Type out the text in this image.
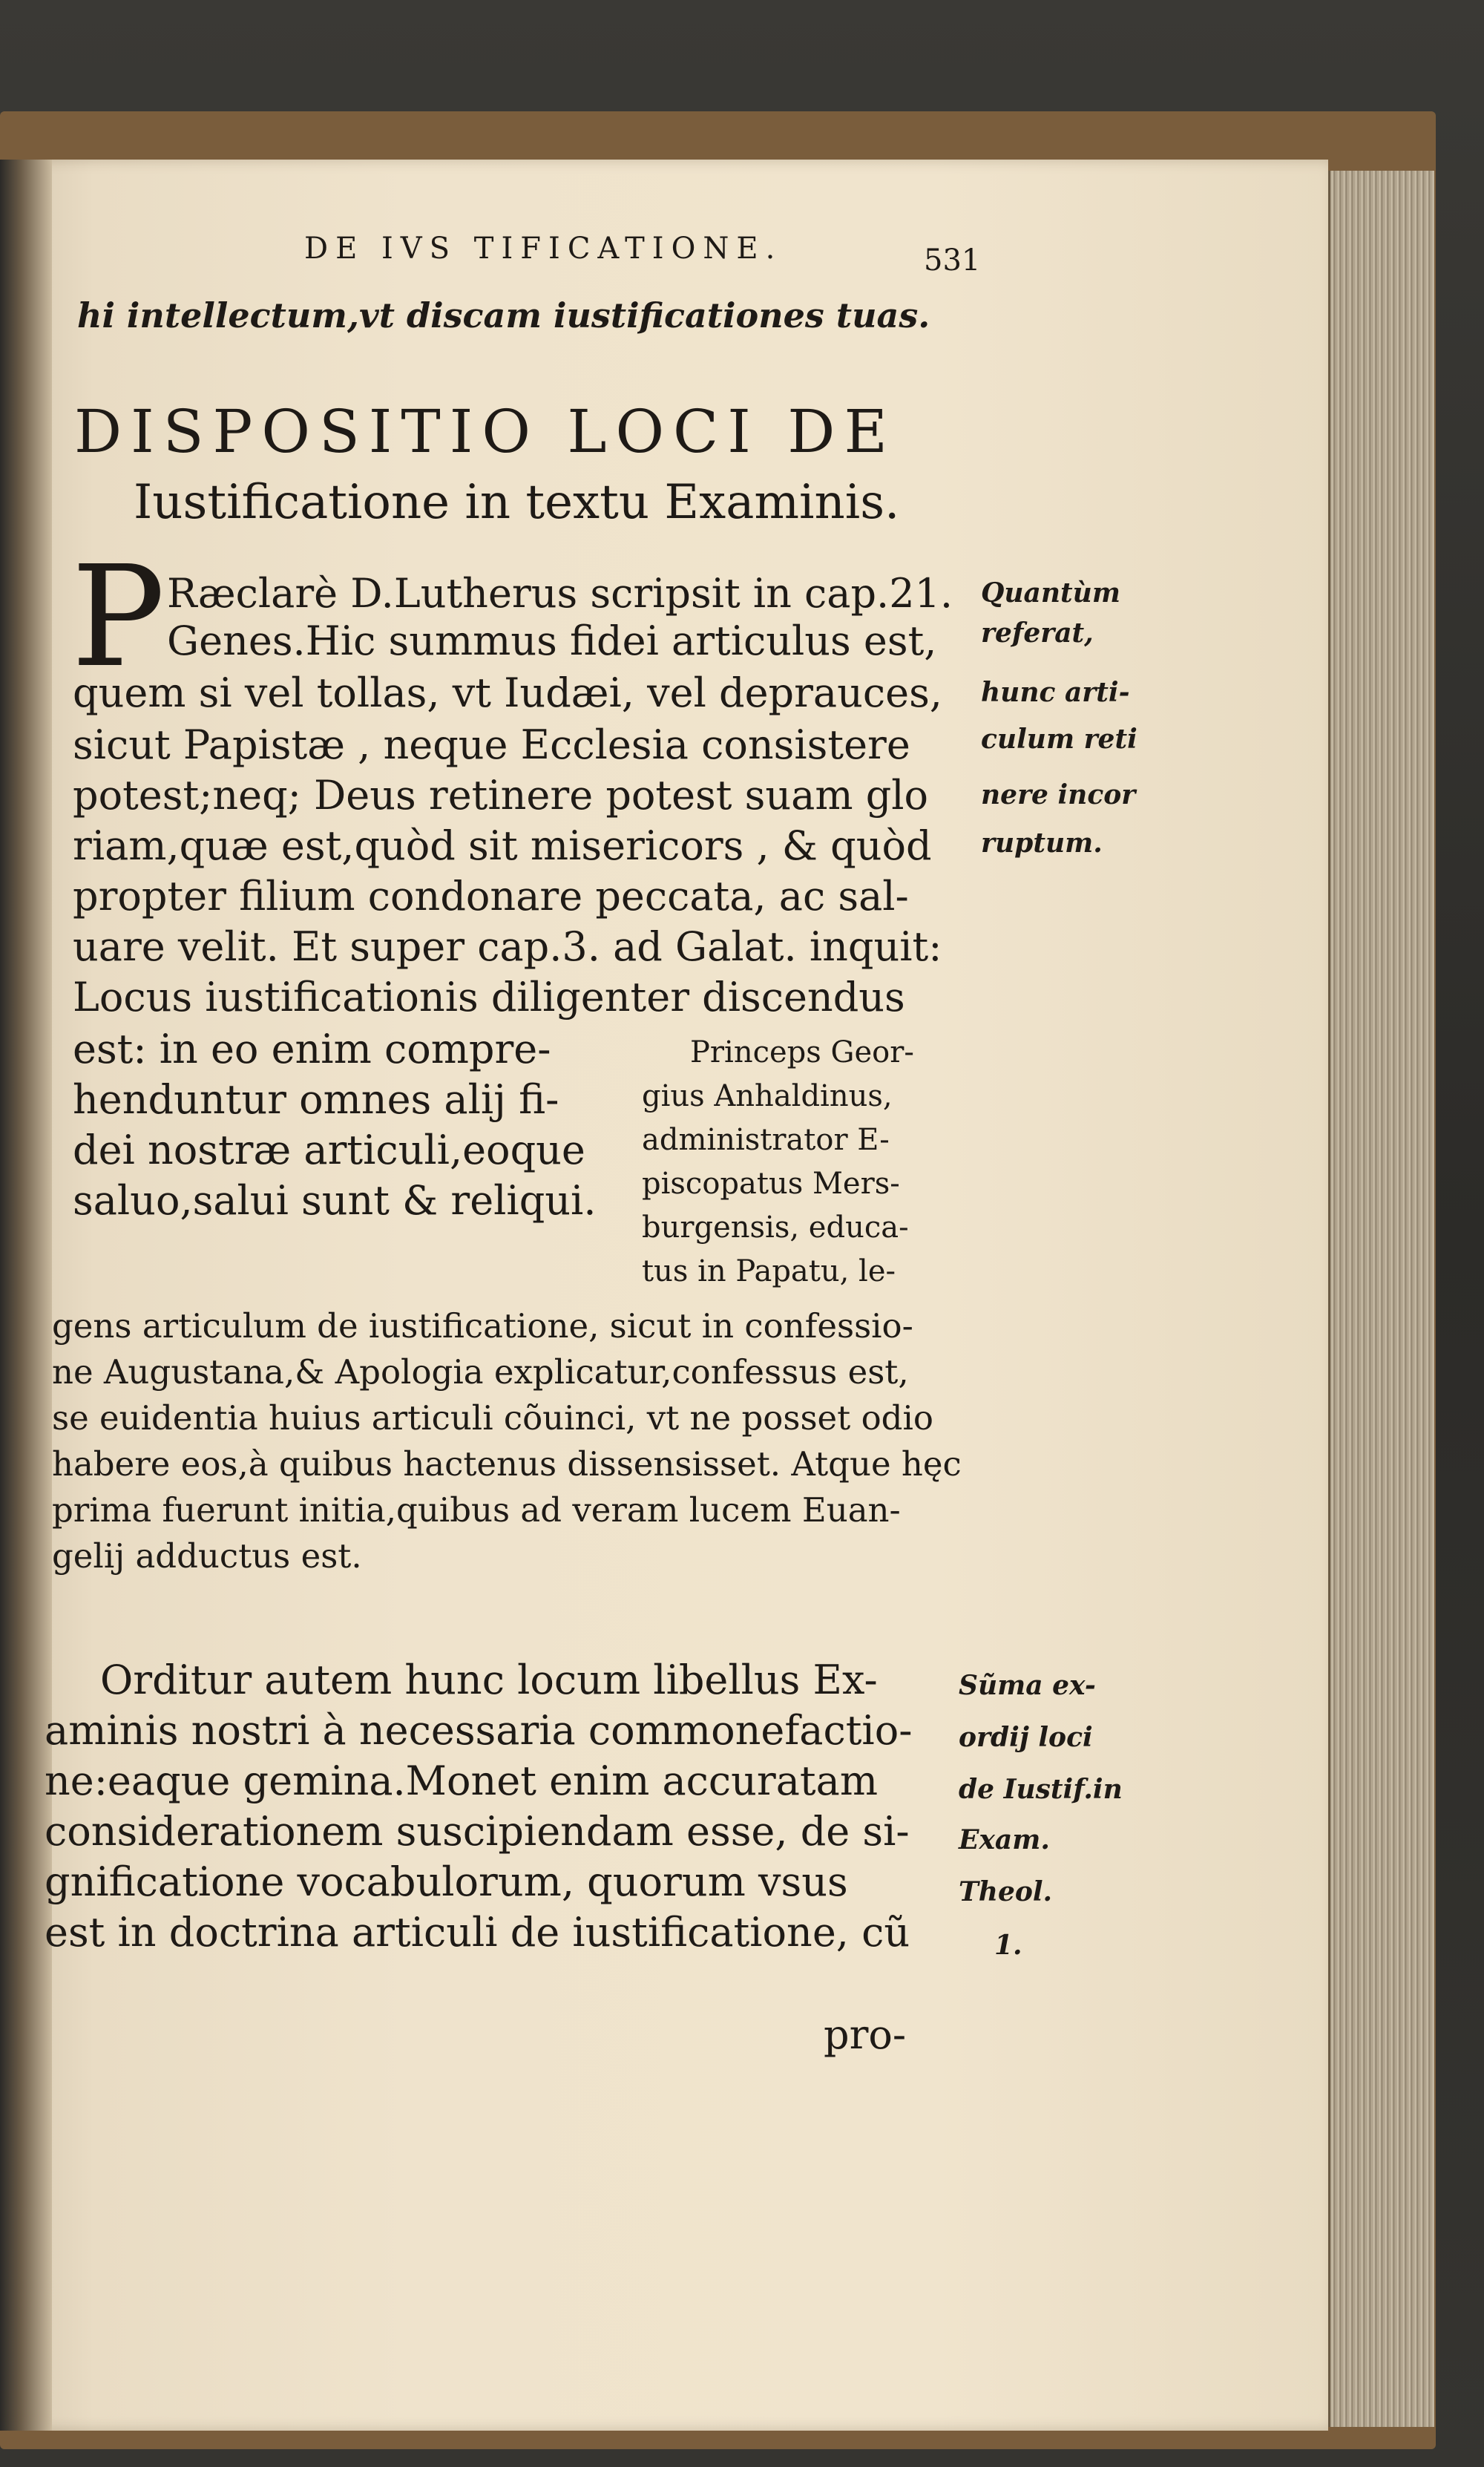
DE IVS TIFICATIONE.	531
hi intellectum,vt discam iustificationes tuas.
DISPOSITIO LOCI DE
Iustificatione in textu Examinis.
P Ræclarè D.Lutherus scripsit in cap.21.
Genes.Hic summus fidei articulus est,
quem si vel tollas, vt Iudæi, vel deprauces,
sicut Papistæ , neque Ecclesia consistere
potest;neq; Deus retinere potest suam glo
riam,quæ est,quòd sit misericors , & quòd
propter filium condonare peccata, ac sal-
uare velit. Et super cap.3. ad Galat. inquit:
Locus iustificationis diligenter discendus
est: in eo enim compre-
henduntur omnes alij fi-
dei nostræ articuli,eoque
saluo,salui sunt & reliqui.
Princeps Geor-
gius Anhaldinus,
administrator E-
piscopatus Mers-
burgensis, educa-
tus in Papatu, le-
gens articulum de iustificatione, sicut in confessio-
ne Augustana,& Apologia explicatur,confessus est,
se euidentia huius articuli cõuinci, vt ne posset odio
habere eos,à quibus hactenus dissensisset. Atque hęc
prima fuerunt initia,quibus ad veram lucem Euan-
gelij adductus est.
Orditur autem hunc locum libellus Ex-
aminis nostri à necessaria commonefactio-
ne:eaque gemina.Monet enim accuratam
considerationem suscipiendam esse, de si-
gnificatione vocabulorum, quorum vsus
est in doctrina articuli de iustificatione, cũ
pro-
Quantùm
referat,
hunc arti-
culum reti
nere incor
ruptum.
Sũma ex-
ordij loci
de Iustif.in
Exam.
Theol.
1.
